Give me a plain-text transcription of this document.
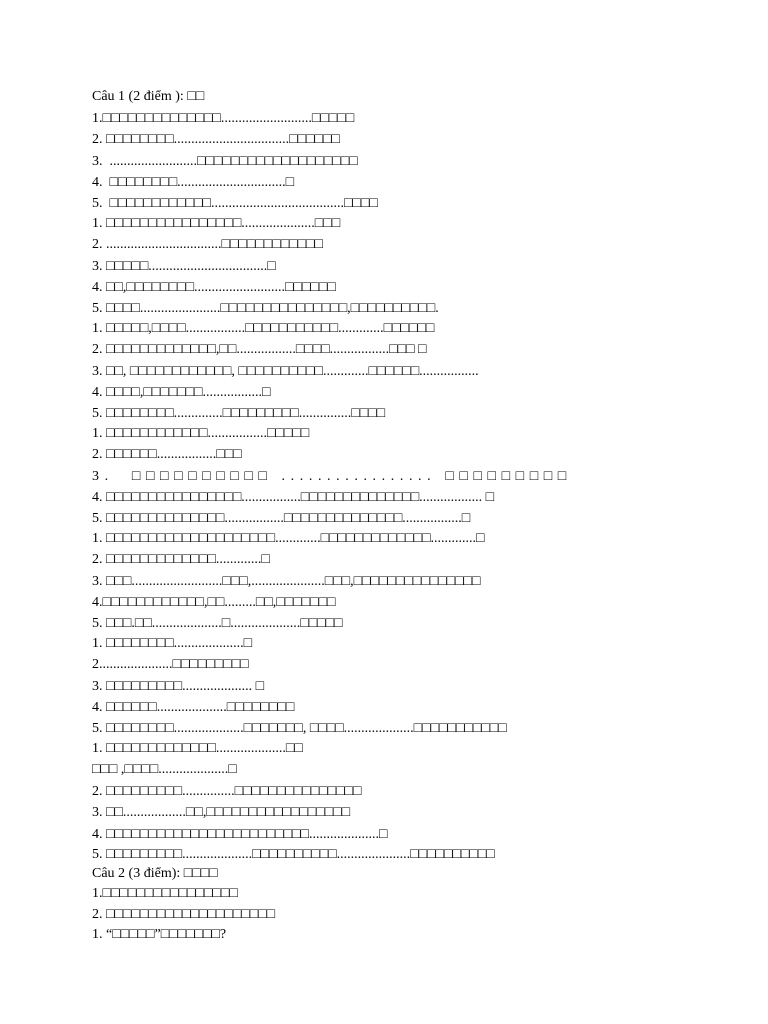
Câu 1 (2 điểm ): □□
1.□□□□□□□□□□□□□□..........................□□□□□
2. □□□□□□□□.................................□□□□□□
3.  .........................□□□□□□□□□□□□□□□□□□□
4.  □□□□□□□□...............................□
5.  □□□□□□□□□□□□......................................□□□□
1. □□□□□□□□□□□□□□□□.....................□□□
2. .................................□□□□□□□□□□□□
3. □□□□□..................................□
4. □□,□□□□□□□□..........................□□□□□□
5. □□□□.......................□□□□□□□□□□□□□□□,□□□□□□□□□□.
1. □□□□□,□□□□.................□□□□□□□□□□□.............□□□□□□
2. □□□□□□□□□□□□□,□□.................□□□□.................□□□ □
3. □□, □□□□□□□□□□□□, □□□□□□□□□□.............□□□□□□.................
4. □□□□,□□□□□□□.................□
5. □□□□□□□□..............□□□□□□□□□...............□□□□
1. □□□□□□□□□□□□.................□□□□□
2. □□□□□□.................□□□
3.  □□□□□□□□□□ ................. □□□□□□□□□
4. □□□□□□□□□□□□□□□□.................□□□□□□□□□□□□□□.................. □
5. □□□□□□□□□□□□□□.................□□□□□□□□□□□□□□.................□
1. □□□□□□□□□□□□□□□□□□□□.............□□□□□□□□□□□□□.............□
2. □□□□□□□□□□□□□.............□
3. □□□..........................□□□,.....................□□□,□□□□□□□□□□□□□□□
4.□□□□□□□□□□□□,□□.........□□,□□□□□□□
5. □□□.□□....................□....................□□□□□
1. □□□□□□□□....................□
2.....................□□□□□□□□□
3. □□□□□□□□□.................... □
4. □□□□□□....................□□□□□□□□
5. □□□□□□□□....................□□□□□□□, □□□□....................□□□□□□□□□□□
1. □□□□□□□□□□□□□....................□□
□□□ ,□□□□....................□
2. □□□□□□□□□...............□□□□□□□□□□□□□□□
3. □□..................□□,□□□□□□□□□□□□□□□□□
4. □□□□□□□□□□□□□□□□□□□□□□□□....................□
5. □□□□□□□□□....................□□□□□□□□□□.....................□□□□□□□□□□
Câu 2 (3 điểm): □□□□
1.□□□□□□□□□□□□□□□□
2. □□□□□□□□□□□□□□□□□□□□
1. “□□□□□”□□□□□□□?
